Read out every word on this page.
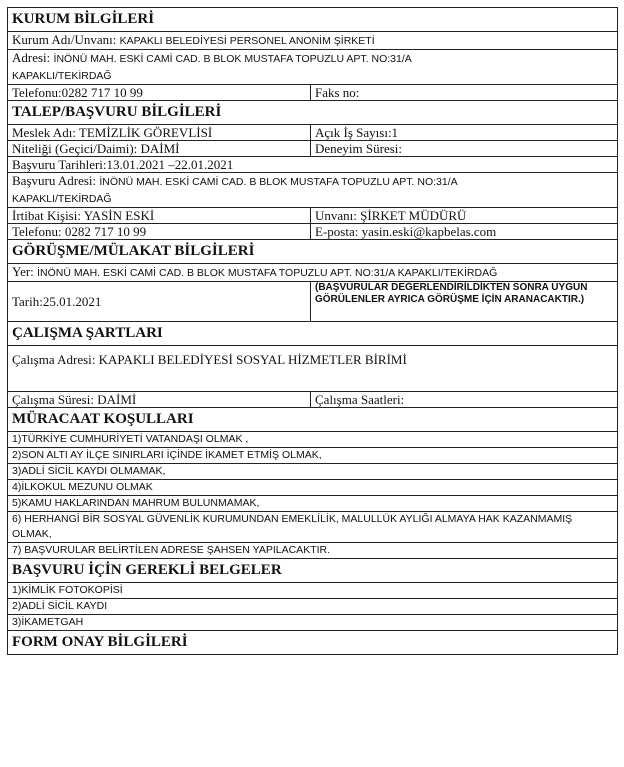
KURUM BİLGİLERİ	
Kurum Adı/Unvanı: KAPAKLI BELEDİYESİ PERSONEL ANONİM ŞİRKETİ	
Adresi: İNÖNÜ MAH. ESKİ CAMİ CAD. B BLOK MUSTAFA TOPUZLU APT. NO:31/A
KAPAKLI/TEKİRDAĞ	
Telefonu:0282 717 10 99	Faks no:
TALEP/BAŞVURU BİLGİLERİ	
Meslek Adı: TEMİZLİK GÖREVLİSİ	Açık İş Sayısı:1
Niteliği (Geçici/Daimi): DAİMİ	Deneyim Süresi:
Başvuru Tarihleri:13.01.2021 –22.01.2021	
Başvuru Adresi: İNÖNÜ MAH. ESKİ CAMİ CAD. B BLOK MUSTAFA TOPUZLU APT. NO:31/A
KAPAKLI/TEKİRDAĞ	
İrtibat Kişisi: YASİN ESKİ	Unvanı: ŞİRKET MÜDÜRÜ
Telefonu: 0282 717 10 99	E-posta: yasin.eski@kapbelas.com
GÖRÜŞME/MÜLAKAT BİLGİLERİ	
Yer: İNÖNÜ MAH. ESKİ CAMİ CAD. B BLOK MUSTAFA TOPUZLU APT. NO:31/A KAPAKLI/TEKİRDAĞ	
Tarih:25.01.2021	(BAŞVURULAR DEĞERLENDİRİLDİKTEN SONRA UYGUN GÖRÜLENLER AYRICA GÖRÜŞME İÇİN ARANACAKTIR.)
ÇALIŞMA ŞARTLARI	
Çalışma Adresi: KAPAKLI BELEDİYESİ SOSYAL HİZMETLER BİRİMİ	
Çalışma Süresi: DAİMİ	Çalışma Saatleri:
MÜRACAAT KOŞULLARI	
1)TÜRKİYE CUMHURİYETİ VATANDAŞI OLMAK ,	
2)SON ALTI AY İLÇE SINIRLARI İÇİNDE İKAMET ETMİŞ OLMAK,	
3)ADLİ SİCİL KAYDI OLMAMAK,	
4)İLKOKUL MEZUNU OLMAK	
5)KAMU HAKLARINDAN MAHRUM BULUNMAMAK,	
6) HERHANGİ BİR SOSYAL GÜVENLİK KURUMUNDAN EMEKLİLİK, MALULLÜK AYLIĞI ALMAYA HAK KAZANMAMIŞ OLMAK,	
7) BAŞVURULAR BELİRTİLEN ADRESE ŞAHSEN YAPILACAKTIR.	
BAŞVURU İÇİN GEREKLİ BELGELER	
1)KİMLİK FOTOKOPİSİ	
2)ADLİ SİCİL KAYDI	
3)İKAMETGAH	
FORM ONAY BİLGİLERİ	
